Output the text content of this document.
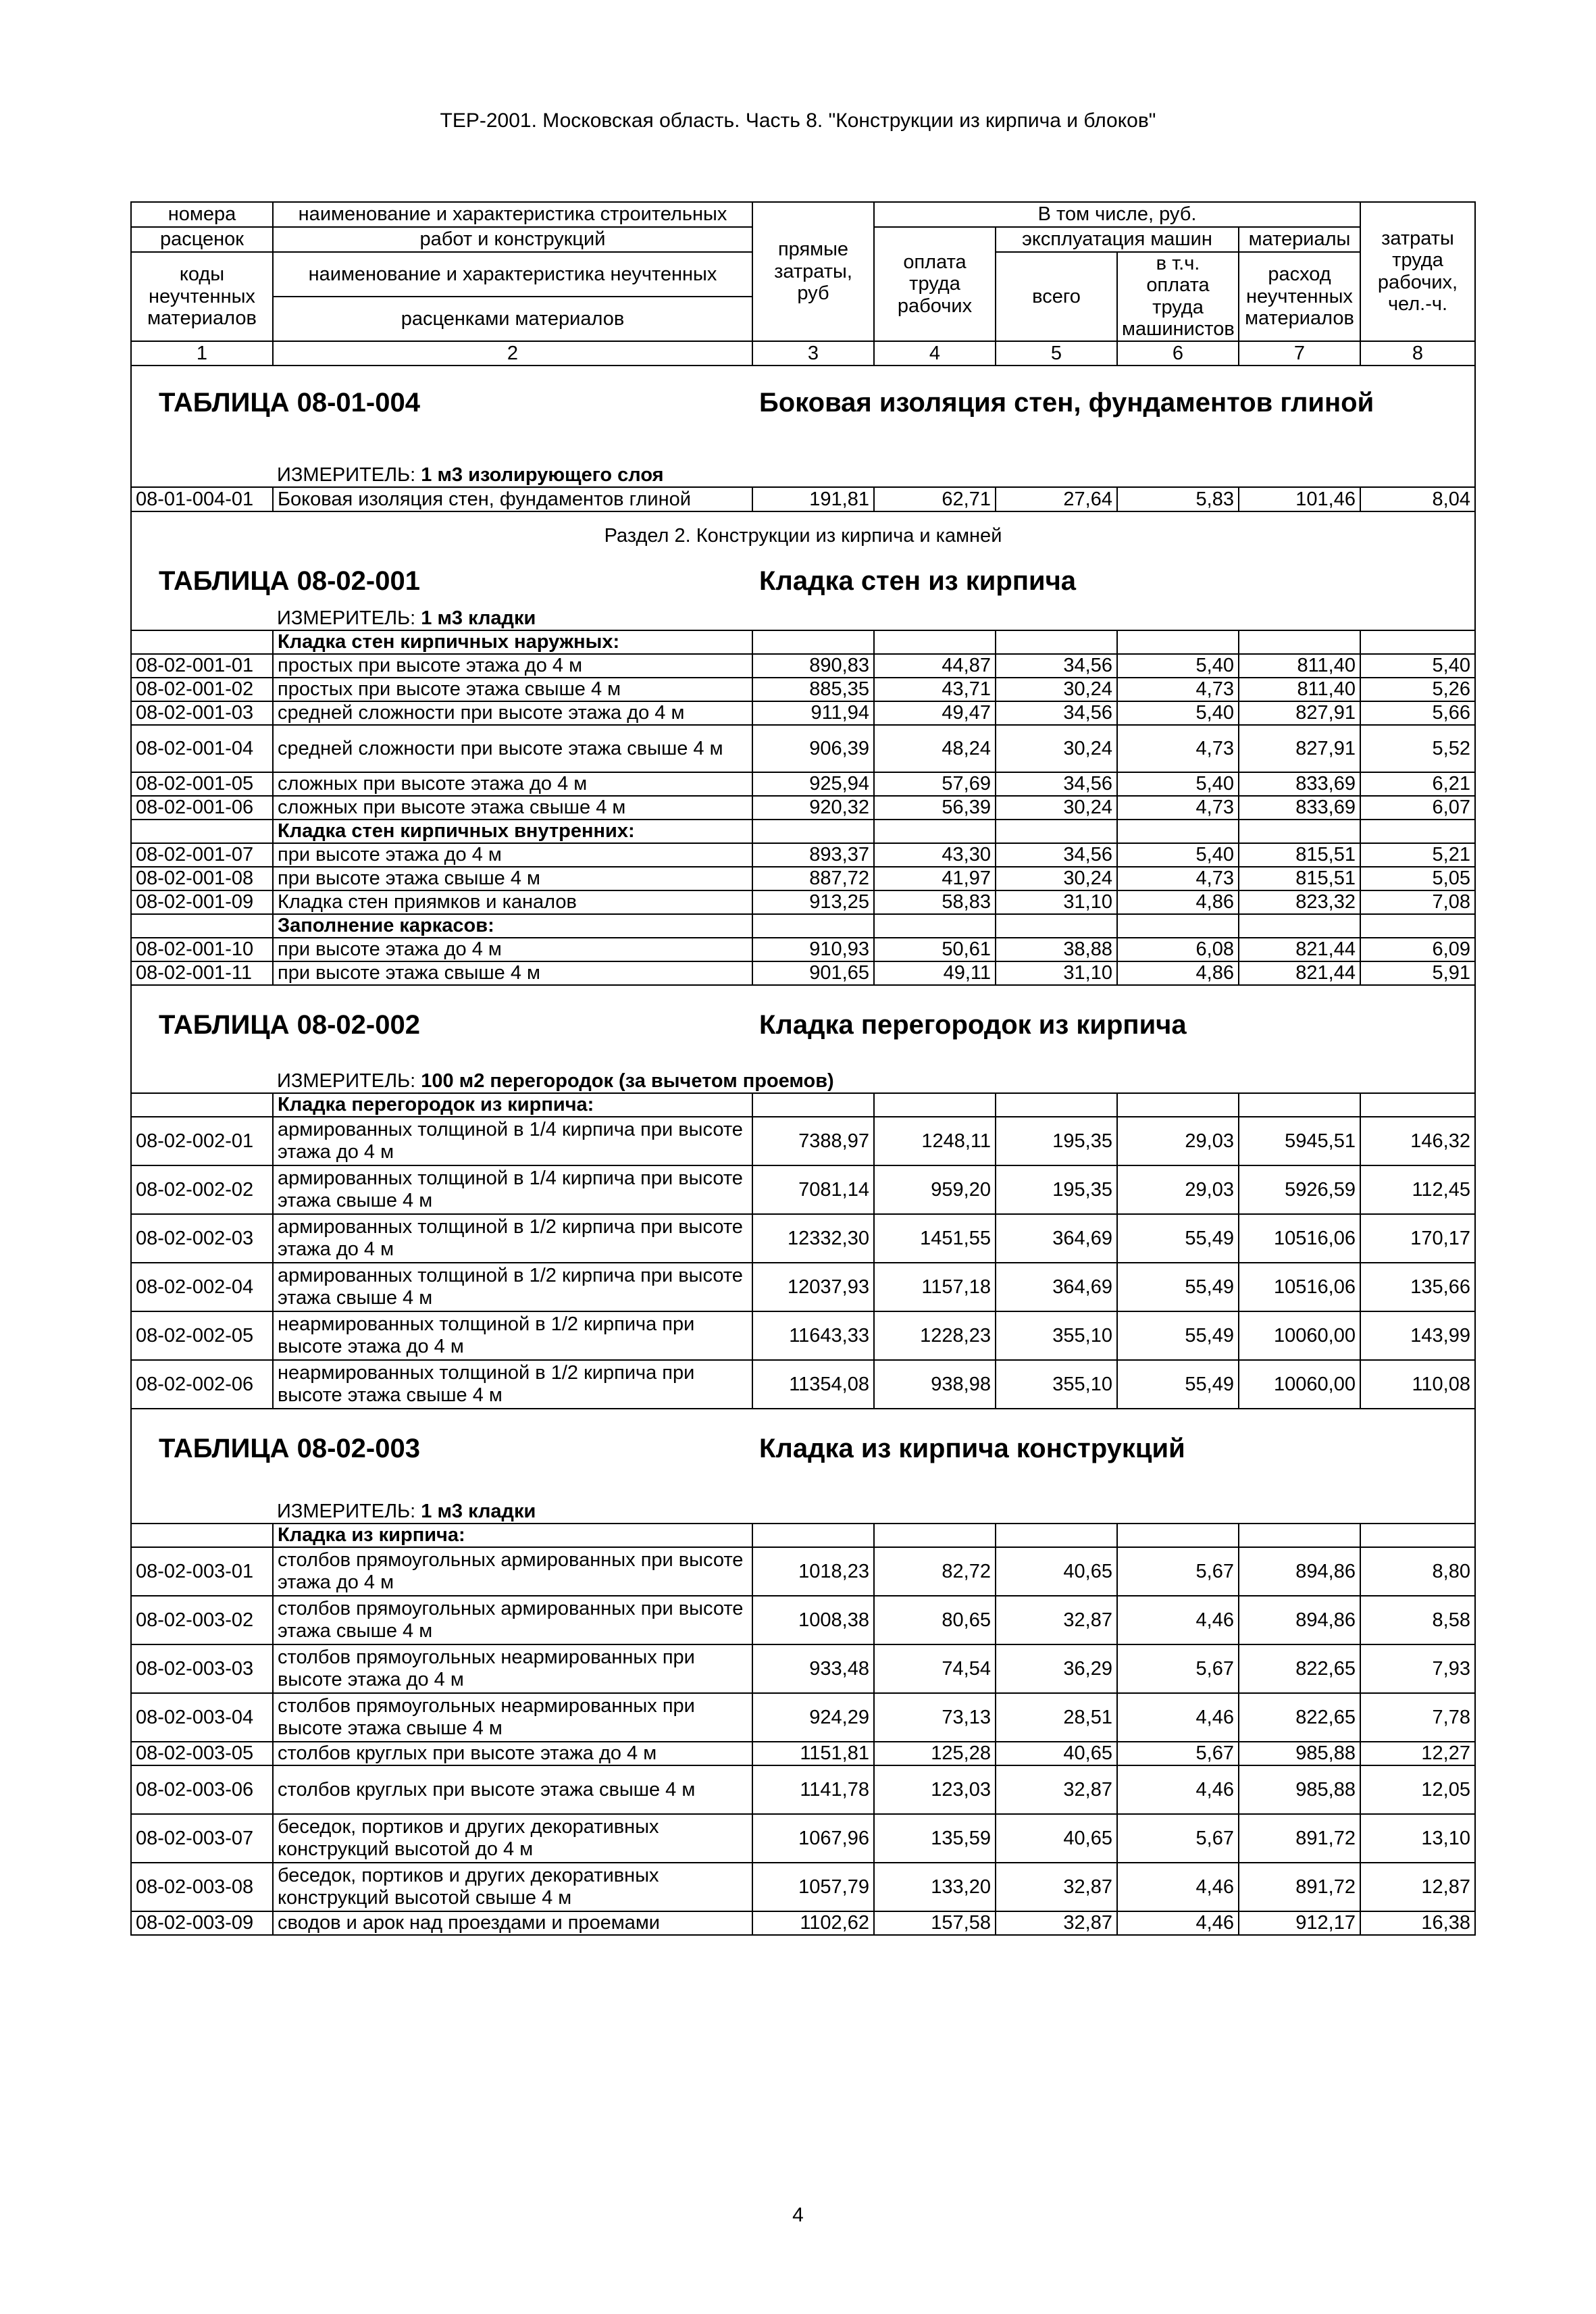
ТЕР-2001. Московская область. Часть 8. "Конструкции из кирпича и блоков"
номера	наименование и характеристика строительных	прямые затраты, руб	В том числе, руб.				затраты труда рабочих, чел.-ч.
расценок	работ и конструкций		оплата труда рабочих	эксплуатация машин		материалы	
коды неучтенных материалов	наименование и характеристика неучтенных			всего	в т.ч. оплата труда машинистов	расход неучтенных материалов	
	расценками материалов						
1	2	3	4	5	6	7	8
ТАБЛИЦА 08-01-004		Боковая изоляция стен, фундаментов глиной					
	ИЗМЕРИТЕЛЬ: 1 м3 изолирующего слоя						
08-01-004-01	Боковая изоляция стен, фундаментов глиной	191,81	62,71	27,64	5,83	101,46	8,04
Раздел 2. Конструкции из кирпича и камней							
ТАБЛИЦА 08-02-001		Кладка стен из кирпича					
	ИЗМЕРИТЕЛЬ: 1 м3 кладки						
	Кладка стен кирпичных наружных:						
08-02-001-01	простых при высоте этажа до 4 м	890,83	44,87	34,56	5,40	811,40	5,40
08-02-001-02	простых при высоте этажа свыше 4 м	885,35	43,71	30,24	4,73	811,40	5,26
08-02-001-03	средней сложности при высоте этажа до 4 м	911,94	49,47	34,56	5,40	827,91	5,66
08-02-001-04	средней сложности при высоте этажа свыше 4 м	906,39	48,24	30,24	4,73	827,91	5,52
08-02-001-05	сложных при высоте этажа до 4 м	925,94	57,69	34,56	5,40	833,69	6,21
08-02-001-06	сложных при высоте этажа свыше 4 м	920,32	56,39	30,24	4,73	833,69	6,07
	Кладка стен кирпичных внутренних:						
08-02-001-07	при высоте этажа до 4 м	893,37	43,30	34,56	5,40	815,51	5,21
08-02-001-08	при высоте этажа свыше 4 м	887,72	41,97	30,24	4,73	815,51	5,05
08-02-001-09	Кладка стен приямков и каналов	913,25	58,83	31,10	4,86	823,32	7,08
	Заполнение каркасов:						
08-02-001-10	при высоте этажа до 4 м	910,93	50,61	38,88	6,08	821,44	6,09
08-02-001-11	при высоте этажа свыше 4 м	901,65	49,11	31,10	4,86	821,44	5,91

ТАБЛИЦА 08-02-002		Кладка перегородок из кирпича					
	ИЗМЕРИТЕЛЬ: 100 м2 перегородок (за вычетом проемов)						
	Кладка перегородок из кирпича:						
08-02-002-01	армированных толщиной в 1/4 кирпича при высоте этажа до 4 м	7388,97	1248,11	195,35	29,03	5945,51	146,32
08-02-002-02	армированных толщиной в 1/4 кирпича при высоте этажа свыше 4 м	7081,14	959,20	195,35	29,03	5926,59	112,45
08-02-002-03	армированных толщиной в 1/2 кирпича при высоте этажа до 4 м	12332,30	1451,55	364,69	55,49	10516,06	170,17
08-02-002-04	армированных толщиной в 1/2 кирпича при высоте этажа свыше 4 м	12037,93	1157,18	364,69	55,49	10516,06	135,66
08-02-002-05	неармированных толщиной в 1/2 кирпича при высоте этажа до 4 м	11643,33	1228,23	355,10	55,49	10060,00	143,99
08-02-002-06	неармированных толщиной в 1/2 кирпича при высоте этажа свыше 4 м	11354,08	938,98	355,10	55,49	10060,00	110,08

ТАБЛИЦА 08-02-003		Кладка из кирпича конструкций					
	ИЗМЕРИТЕЛЬ: 1 м3 кладки						
	Кладка из кирпича:						
08-02-003-01	столбов прямоугольных армированных при высоте этажа до 4 м	1018,23	82,72	40,65	5,67	894,86	8,80
08-02-003-02	столбов прямоугольных армированных при высоте этажа свыше 4 м	1008,38	80,65	32,87	4,46	894,86	8,58
08-02-003-03	столбов прямоугольных неармированных при высоте этажа до 4 м	933,48	74,54	36,29	5,67	822,65	7,93
08-02-003-04	столбов прямоугольных неармированных при высоте этажа свыше 4 м	924,29	73,13	28,51	4,46	822,65	7,78
08-02-003-05	столбов круглых при высоте этажа до 4 м	1151,81	125,28	40,65	5,67	985,88	12,27
08-02-003-06	столбов круглых при высоте этажа свыше 4 м	1141,78	123,03	32,87	4,46	985,88	12,05
08-02-003-07	беседок, портиков и других декоративных конструкций высотой до 4 м	1067,96	135,59	40,65	5,67	891,72	13,10
08-02-003-08	беседок, портиков и других декоративных конструкций высотой свыше 4 м	1057,79	133,20	32,87	4,46	891,72	12,87
08-02-003-09	сводов и арок над проездами и проемами	1102,62	157,58	32,87	4,46	912,17	16,38
4
